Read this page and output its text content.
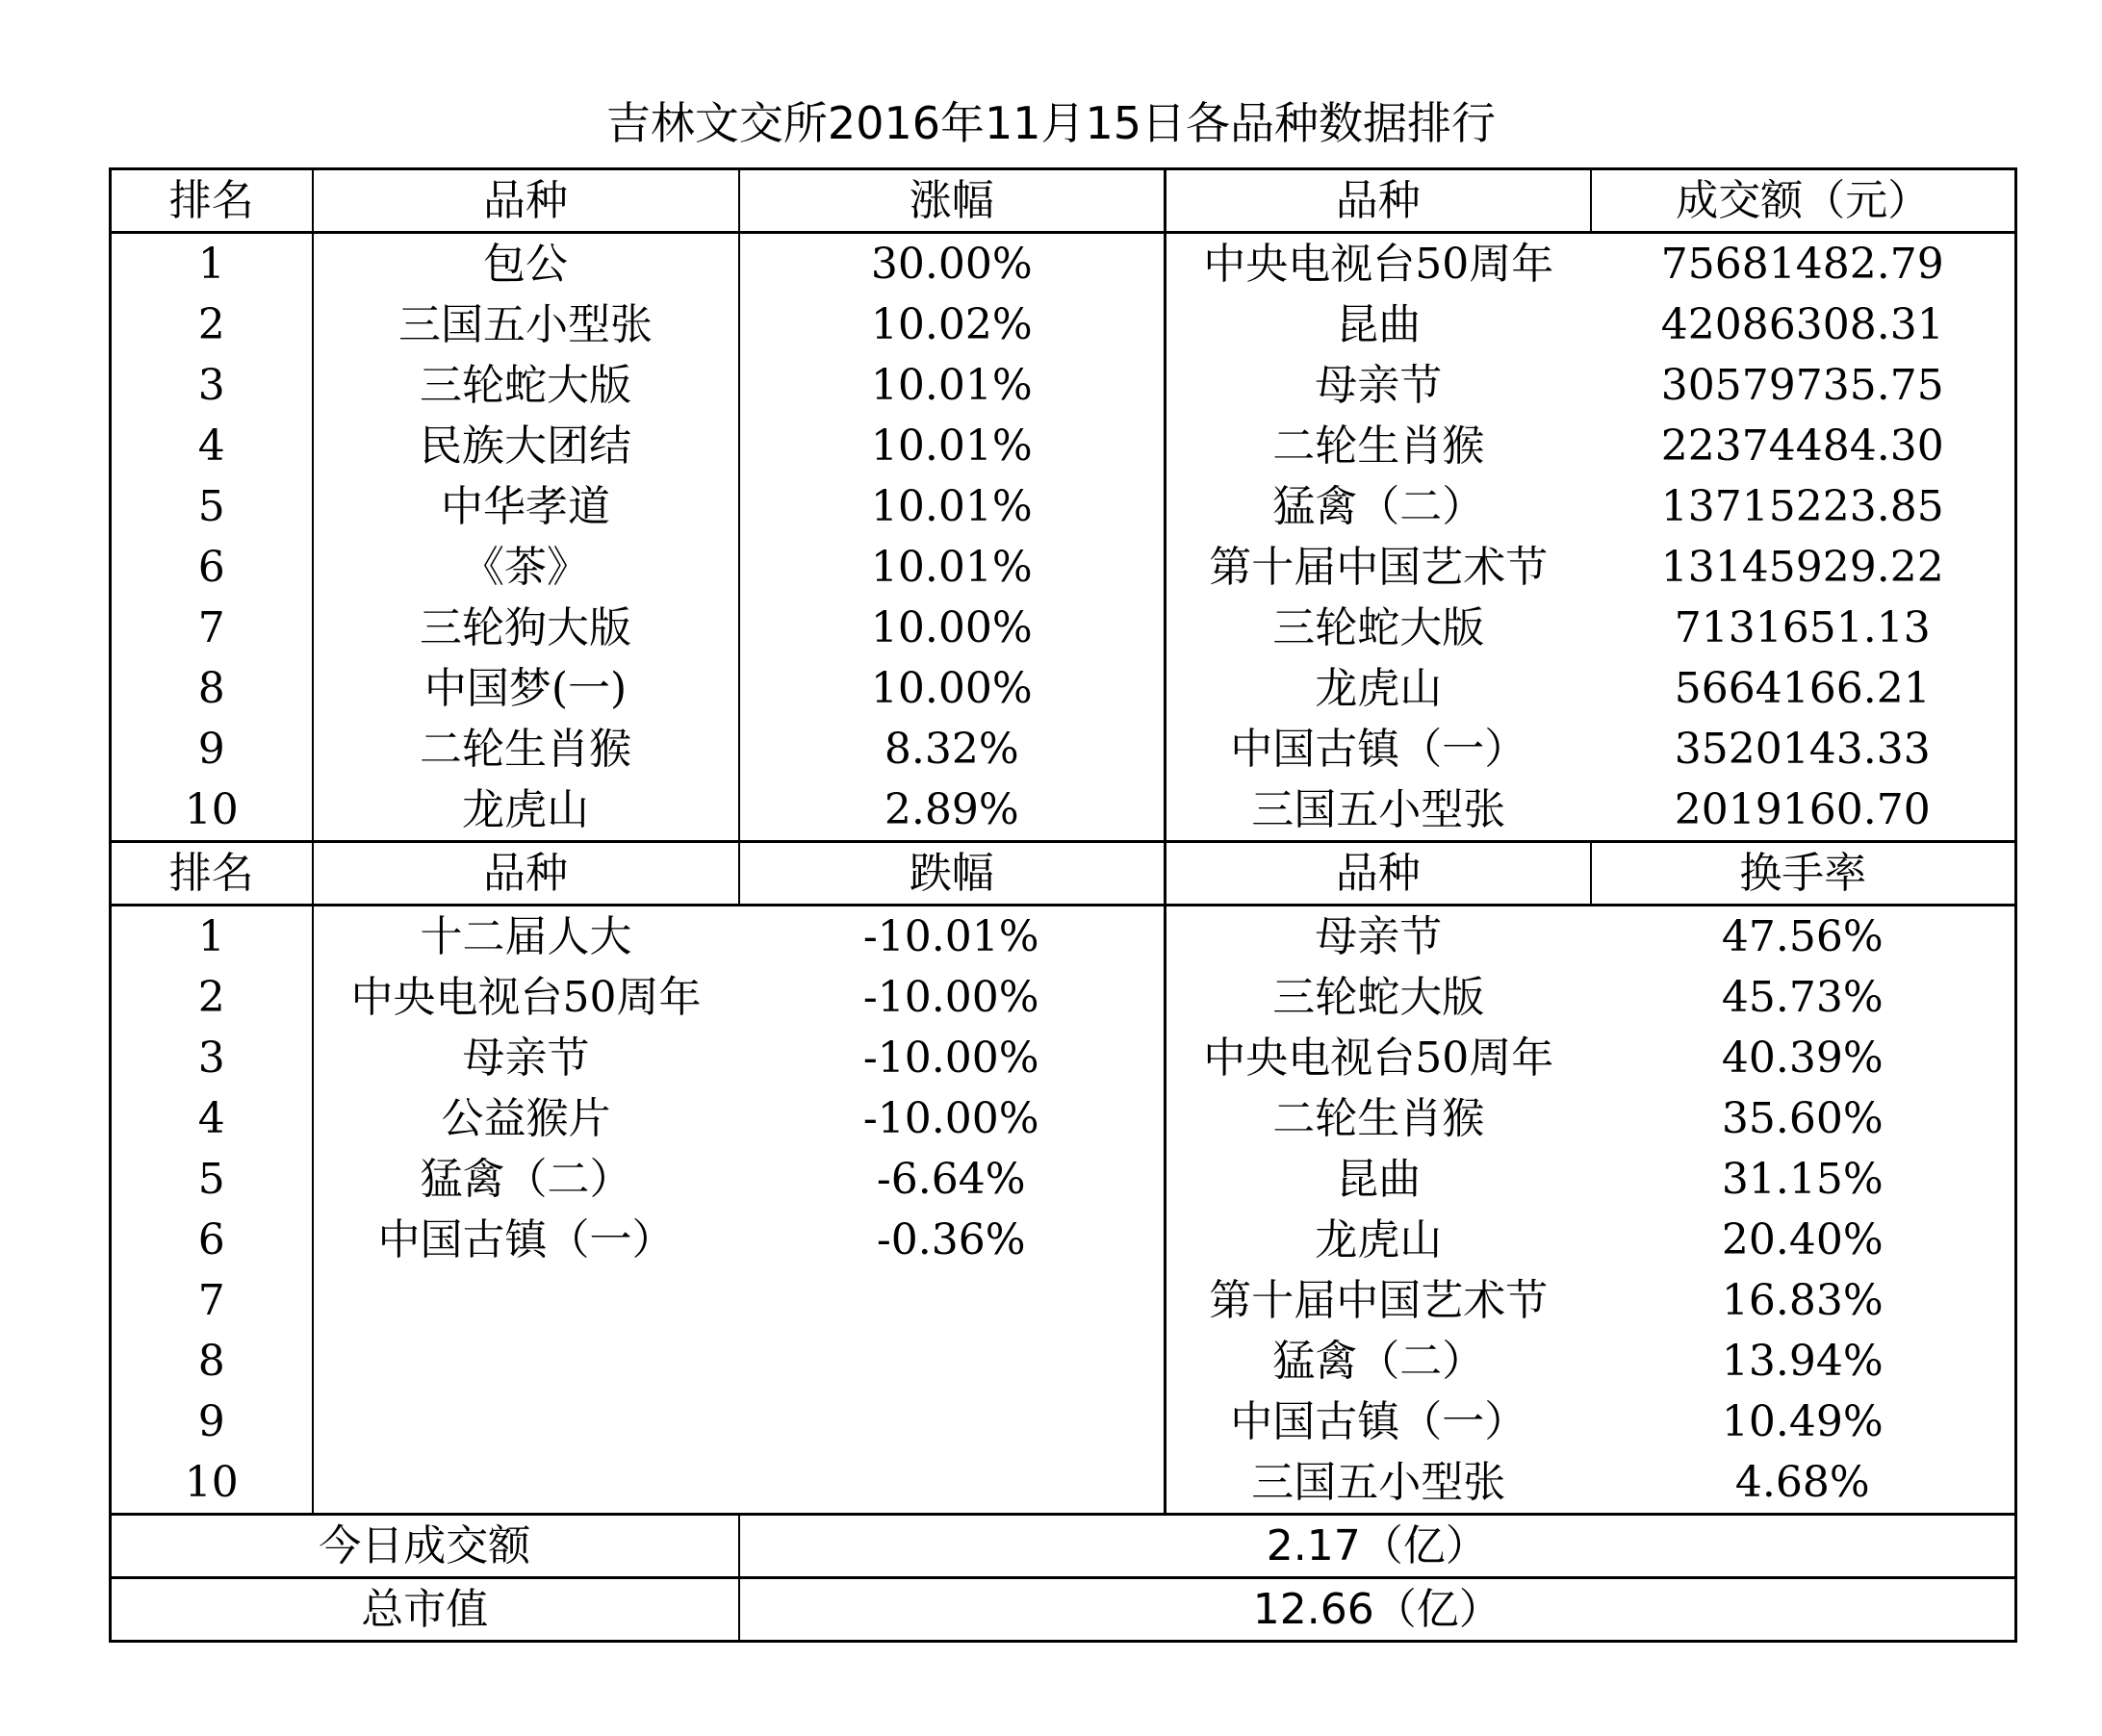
吉林文交所2016年11月15日各品种数据排行
排名	品种	涨幅	品种	成交额（元）
1	包公	30.00%	中央电视台50周年	75681482.79
2	三国五小型张	10.02%	昆曲	42086308.31
3	三轮蛇大版	10.01%	母亲节	30579735.75
4	民族大团结	10.01%	二轮生肖猴	22374484.30
5	中华孝道	10.01%	猛禽（二）	13715223.85
6	《茶》	10.01%	第十届中国艺术节	13145929.22
7	三轮狗大版	10.00%	三轮蛇大版	7131651.13
8	中国梦(一)	10.00%	龙虎山	5664166.21
9	二轮生肖猴	8.32%	中国古镇（一）	3520143.33
10	龙虎山	2.89%	三国五小型张	2019160.70
排名	品种	跌幅	品种	换手率
1	十二届人大	-10.01%	母亲节	47.56%
2	中央电视台50周年	-10.00%	三轮蛇大版	45.73%
3	母亲节	-10.00%	中央电视台50周年	40.39%
4	公益猴片	-10.00%	二轮生肖猴	35.60%
5	猛禽（二）	-6.64%	昆曲	31.15%
6	中国古镇（一）	-0.36%	龙虎山	20.40%
7			第十届中国艺术节	16.83%
8			猛禽（二）	13.94%
9			中国古镇（一）	10.49%
10			三国五小型张	4.68%
今日成交额		2.17（亿）		
总市值		12.66（亿）		
